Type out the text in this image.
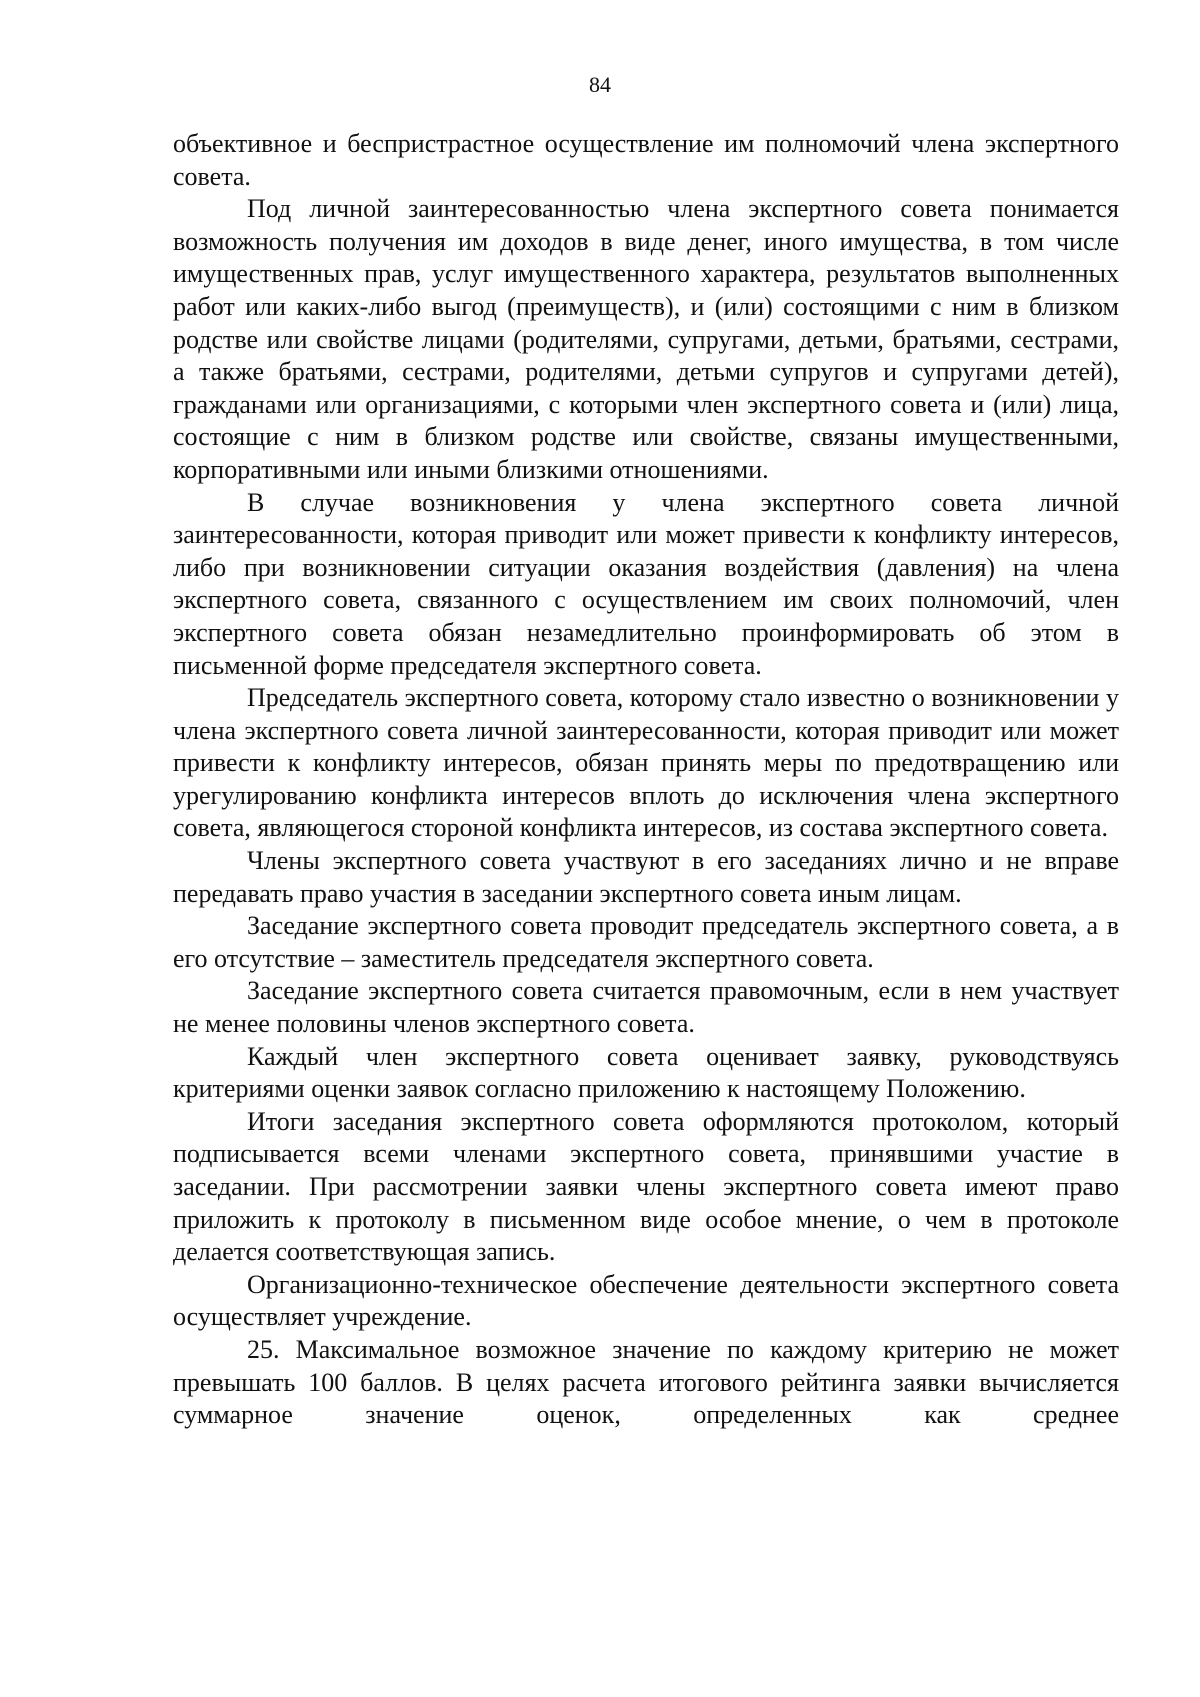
84

объективное и беспристрастное осуществление им полномочий члена экспертного совета.

Под личной заинтересованностью члена экспертного совета понимается возможность получения им доходов в виде денег, иного имущества, в том числе имущественных прав, услуг имущественного характера, результатов выполненных работ или каких-либо выгод (преимуществ), и (или) состоящими с ним в близком родстве или свойстве лицами (родителями, супругами, детьми, братьями, сестрами, а также братьями, сестрами, родителями, детьми супругов и супругами детей), гражданами или организациями, с которыми член экспертного совета и (или) лица, состоящие с ним в близком родстве или свойстве, связаны имущественными, корпоративными или иными близкими отношениями.

В случае возникновения у члена экспертного совета личной заинтересованности, которая приводит или может привести к конфликту интересов, либо при возникновении ситуации оказания воздействия (давления) на члена экспертного совета, связанного с осуществлением им своих полномочий, член экспертного совета обязан незамедлительно проинформировать об этом в письменной форме председателя экспертного совета.

Председатель экспертного совета, которому стало известно о возникновении у члена экспертного совета личной заинтересованности, которая приводит или может привести к конфликту интересов, обязан принять меры по предотвращению или урегулированию конфликта интересов вплоть до исключения члена экспертного совета, являющегося стороной конфликта интересов, из состава экспертного совета.

Члены экспертного совета участвуют в его заседаниях лично и не вправе передавать право участия в заседании экспертного совета иным лицам.

Заседание экспертного совета проводит председатель экспертного совета, а в его отсутствие – заместитель председателя экспертного совета.

Заседание экспертного совета считается правомочным, если в нем участвует не менее половины членов экспертного совета.

Каждый член экспертного совета оценивает заявку, руководствуясь критериями оценки заявок согласно приложению к настоящему Положению.

Итоги заседания экспертного совета оформляются протоколом, который подписывается всеми членами экспертного совета, принявшими участие в заседании. При рассмотрении заявки члены экспертного совета имеют право приложить к протоколу в письменном виде особое мнение, о чем в протоколе делается соответствующая запись.

Организационно-техническое обеспечение деятельности экспертного совета осуществляет учреждение.

25. Максимальное возможное значение по каждому критерию не может превышать 100 баллов. В целях расчета итогового рейтинга заявки вычисляется суммарное значение оценок, определенных как среднее
